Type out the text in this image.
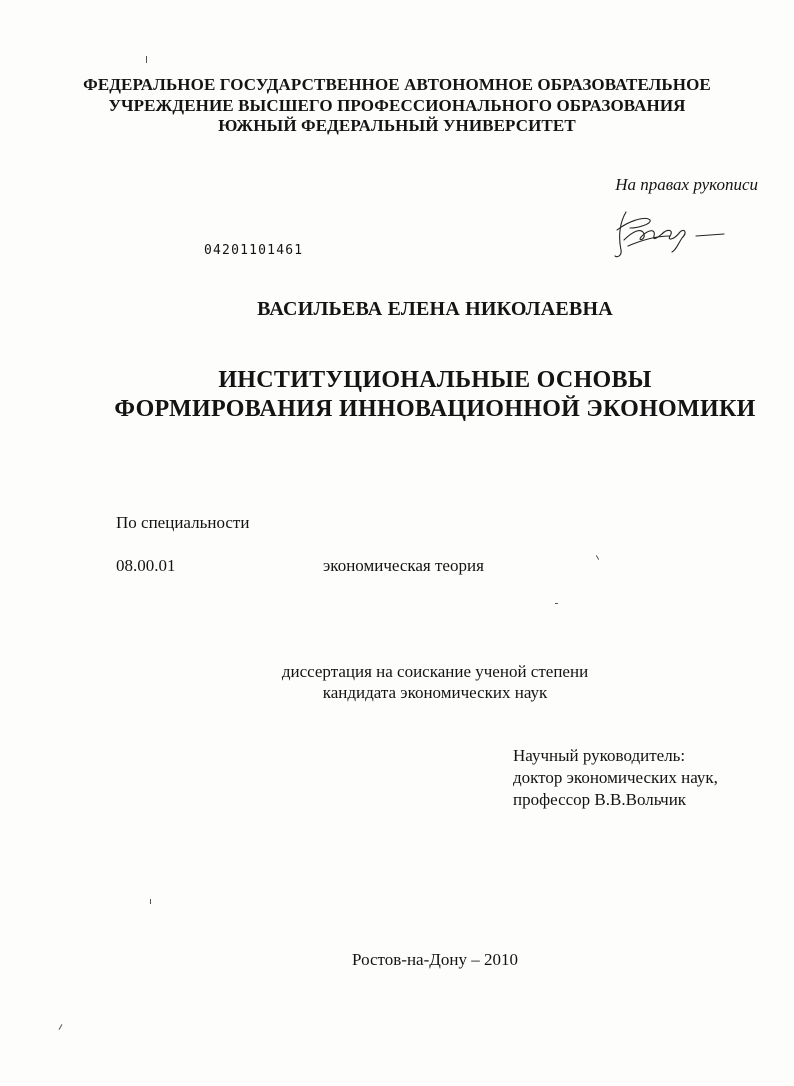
ФЕДЕРАЛЬНОЕ ГОСУДАРСТВЕННОЕ АВТОНОМНОЕ ОБРАЗОВАТЕЛЬНОЕ
УЧРЕЖДЕНИЕ ВЫСШЕГО ПРОФЕССИОНАЛЬНОГО ОБРАЗОВАНИЯ
ЮЖНЫЙ ФЕДЕРАЛЬНЫЙ УНИВЕРСИТЕТ
На правах рукописи
04201101461
ВАСИЛЬЕВА ЕЛЕНА НИКОЛАЕВНА
ИНСТИТУЦИОНАЛЬНЫЕ ОСНОВЫ
ФОРМИРОВАНИЯ ИННОВАЦИОННОЙ ЭКОНОМИКИ
По специальности
08.00.01	экономическая теория
диссертация на соискание ученой степени
кандидата экономических наук
Научный руководитель:
доктор экономических наук,
профессор В.В.Вольчик
Ростов-на-Дону – 2010
